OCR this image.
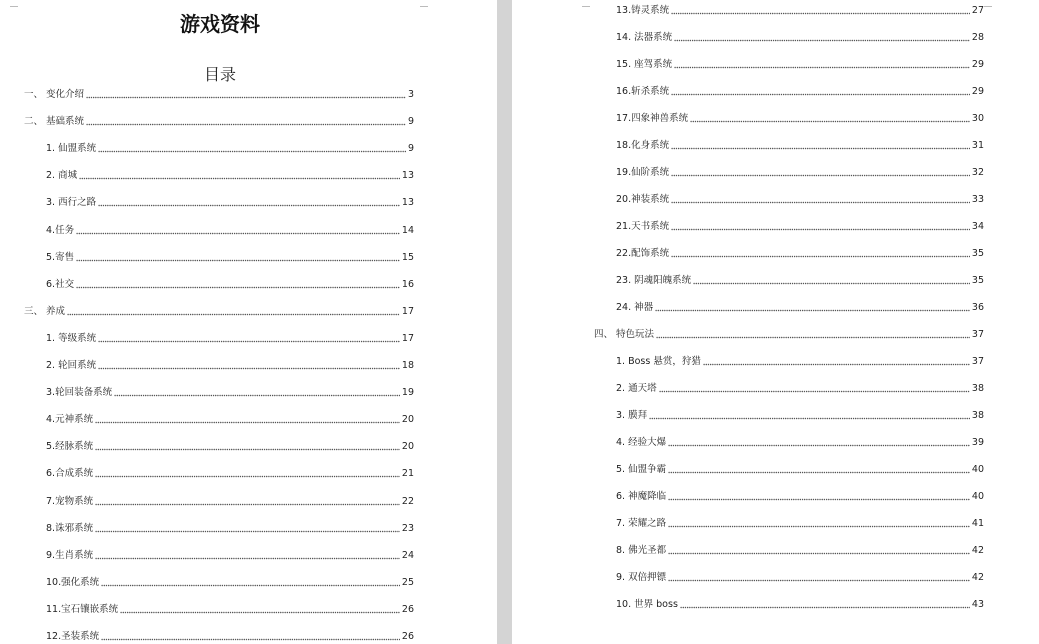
游戏资料
目录
一、 变化介绍	3
二、 基础系统	9
1. 仙盟系统	9
2. 商城	13
3. 西行之路	13
4.任务	14
5.寄售	15
6.社交	16
三、 养成	17
1. 等级系统	17
2. 轮回系统	18
3.轮回装备系统	19
4.元神系统	20
5.经脉系统	20
6.合成系统	21
7.宠物系统	22
8.诛邪系统	23
9.生肖系统	24
10.强化系统	25
11.宝石镶嵌系统	26
12.圣装系统	26
13.铸灵系统	27
14. 法器系统	28
15. 座驾系统	29
16.斩杀系统	29
17.四象神兽系统	30
18.化身系统	31
19.仙阶系统	32
20.神装系统	33
21.天书系统	34
22.配饰系统	35
23. 阴魂阳魄系统	35
24. 神器	36
四、 特色玩法	37
1. Boss 悬赏，狩猎	37
2. 通天塔	38
3. 膜拜	38
4. 经验大爆	39
5. 仙盟争霸	40
6. 神魔降临	40
7. 荣耀之路	41
8. 佛光圣都	42
9. 双倍押镖	42
10. 世界 boss	43
